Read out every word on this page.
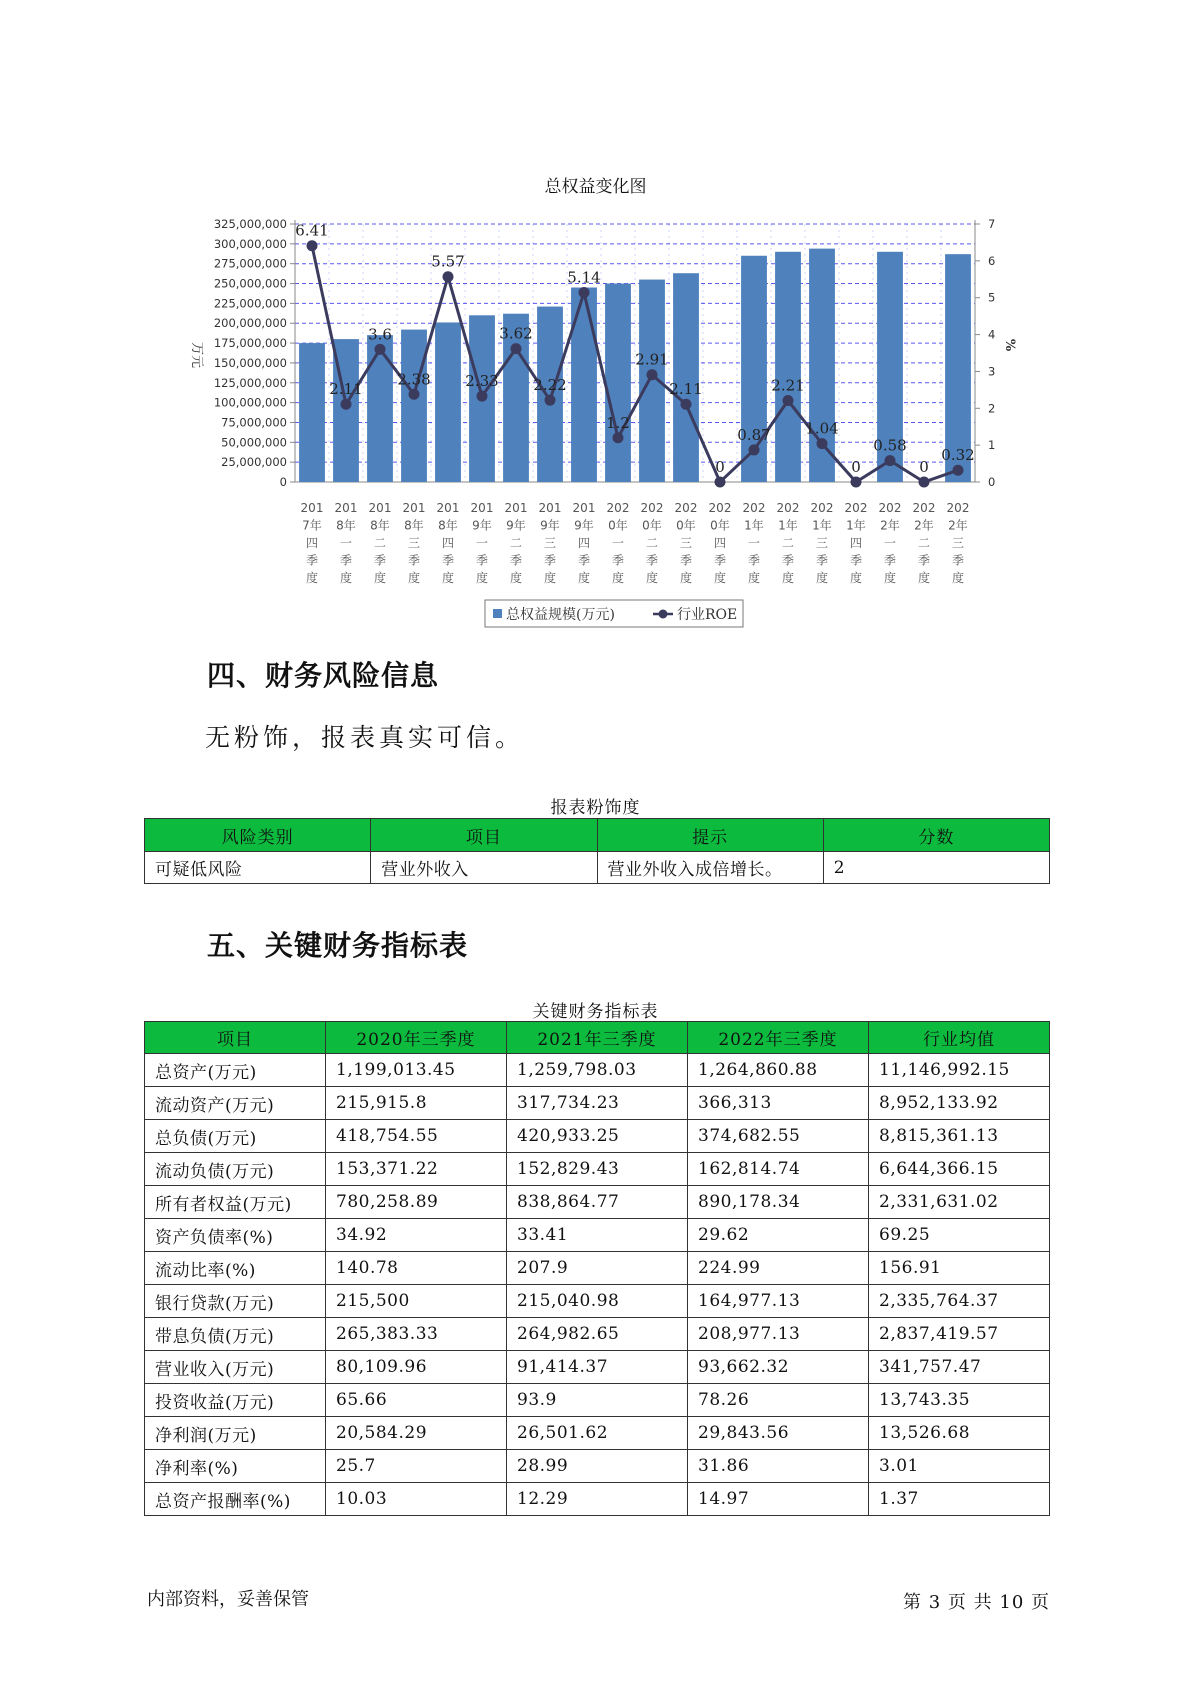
总权益变化图
325,000,000
300,000,000
275,000,000
250,000,000
225,000,000
200,000,000
175,000,000
150,000,000
125,000,000
100,000,000
75,000,000
50,000,000
25,000,000
0
7
6
5
4
3
2
1
0
万元	%
6.41
2.11
3.6
2.38
5.57
2.33
3.62
2.22
5.14
1.2
2.91
2.11
0
0.87
2.21
1.04
0
0.58
0
0.32
201 7年四季度
201 8年一季度
201 8年二季度
201 8年三季度
201 8年四季度
201 9年一季度
201 9年二季度
201 9年三季度
201 9年四季度
202 0年一季度
202 0年二季度
202 0年三季度
202 0年四季度
202 1年一季度
202 1年二季度
202 1年三季度
202 1年四季度
202 2年一季度
202 2年二季度
202 2年三季度
总权益规模(万元)	行业ROE
四、财务风险信息
无粉饰，报表真实可信。
报表粉饰度
风险类别	项目	提示	分数
可疑低风险	营业外收入	营业外收入成倍增长。	2
五、关键财务指标表
关键财务指标表
项目	2020年三季度	2021年三季度	2022年三季度	行业均值
总资产(万元)	1,199,013.45	1,259,798.03	1,264,860.88	11,146,992.15
流动资产(万元)	215,915.8	317,734.23	366,313	8,952,133.92
总负债(万元)	418,754.55	420,933.25	374,682.55	8,815,361.13
流动负债(万元)	153,371.22	152,829.43	162,814.74	6,644,366.15
所有者权益(万元)	780,258.89	838,864.77	890,178.34	2,331,631.02
资产负债率(%)	34.92	33.41	29.62	69.25
流动比率(%)	140.78	207.9	224.99	156.91
银行贷款(万元)	215,500	215,040.98	164,977.13	2,335,764.37
带息负债(万元)	265,383.33	264,982.65	208,977.13	2,837,419.57
营业收入(万元)	80,109.96	91,414.37	93,662.32	341,757.47
投资收益(万元)	65.66	93.9	78.26	13,743.35
净利润(万元)	20,584.29	26,501.62	29,843.56	13,526.68
净利率(%)	25.7	28.99	31.86	3.01
总资产报酬率(%)	10.03	12.29	14.97	1.37
内部资料，妥善保管	第 3 页 共 10 页
